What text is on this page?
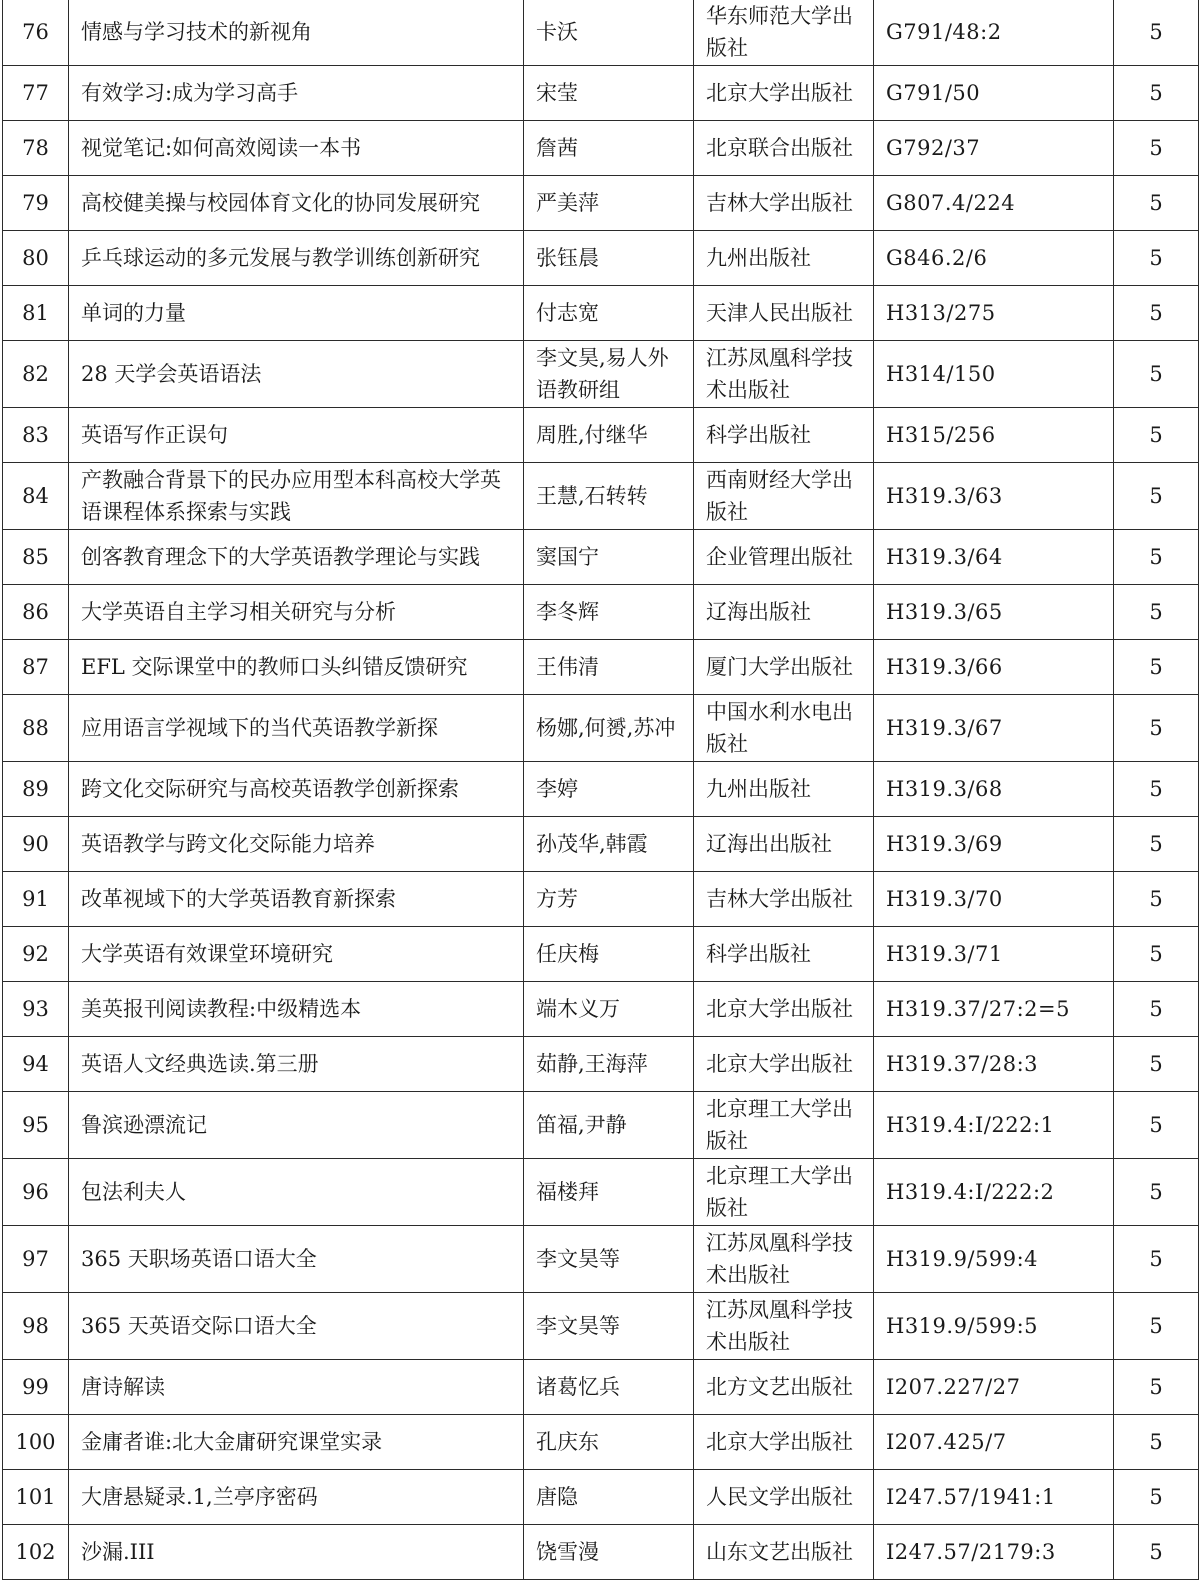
76	情感与学习技术的新视角	卡沃	华东师范大学出版社	G791/48:2	5
77	有效学习:成为学习高手	宋莹	北京大学出版社	G791/50	5
78	视觉笔记:如何高效阅读一本书	詹茜	北京联合出版社	G792/37	5
79	高校健美操与校园体育文化的协同发展研究	严美萍	吉林大学出版社	G807.4/224	5
80	乒乓球运动的多元发展与教学训练创新研究	张钰晨	九州出版社	G846.2/6	5
81	单词的力量	付志宽	天津人民出版社	H313/275	5
82	28 天学会英语语法	李文昊,易人外语教研组	江苏凤凰科学技术出版社	H314/150	5
83	英语写作正误句	周胜,付继华	科学出版社	H315/256	5
84	产教融合背景下的民办应用型本科高校大学英语课程体系探索与实践	王慧,石转转	西南财经大学出版社	H319.3/63	5
85	创客教育理念下的大学英语教学理论与实践	窦国宁	企业管理出版社	H319.3/64	5
86	大学英语自主学习相关研究与分析	李冬辉	辽海出版社	H319.3/65	5
87	EFL 交际课堂中的教师口头纠错反馈研究	王伟清	厦门大学出版社	H319.3/66	5
88	应用语言学视域下的当代英语教学新探	杨娜,何赟,苏冲	中国水利水电出版社	H319.3/67	5
89	跨文化交际研究与高校英语教学创新探索	李婷	九州出版社	H319.3/68	5
90	英语教学与跨文化交际能力培养	孙茂华,韩霞	辽海出出版社	H319.3/69	5
91	改革视域下的大学英语教育新探索	方芳	吉林大学出版社	H319.3/70	5
92	大学英语有效课堂环境研究	任庆梅	科学出版社	H319.3/71	5
93	美英报刊阅读教程:中级精选本	端木义万	北京大学出版社	H319.37/27:2=5	5
94	英语人文经典选读.第三册	茹静,王海萍	北京大学出版社	H319.37/28:3	5
95	鲁滨逊漂流记	笛福,尹静	北京理工大学出版社	H319.4:I/222:1	5
96	包法利夫人	福楼拜	北京理工大学出版社	H319.4:I/222:2	5
97	365 天职场英语口语大全	李文昊等	江苏凤凰科学技术出版社	H319.9/599:4	5
98	365 天英语交际口语大全	李文昊等	江苏凤凰科学技术出版社	H319.9/599:5	5
99	唐诗解读	诸葛忆兵	北方文艺出版社	I207.227/27	5
100	金庸者谁:北大金庸研究课堂实录	孔庆东	北京大学出版社	I207.425/7	5
101	大唐悬疑录.1,兰亭序密码	唐隐	人民文学出版社	I247.57/1941:1	5
102	沙漏.III	饶雪漫	山东文艺出版社	I247.57/2179:3	5
